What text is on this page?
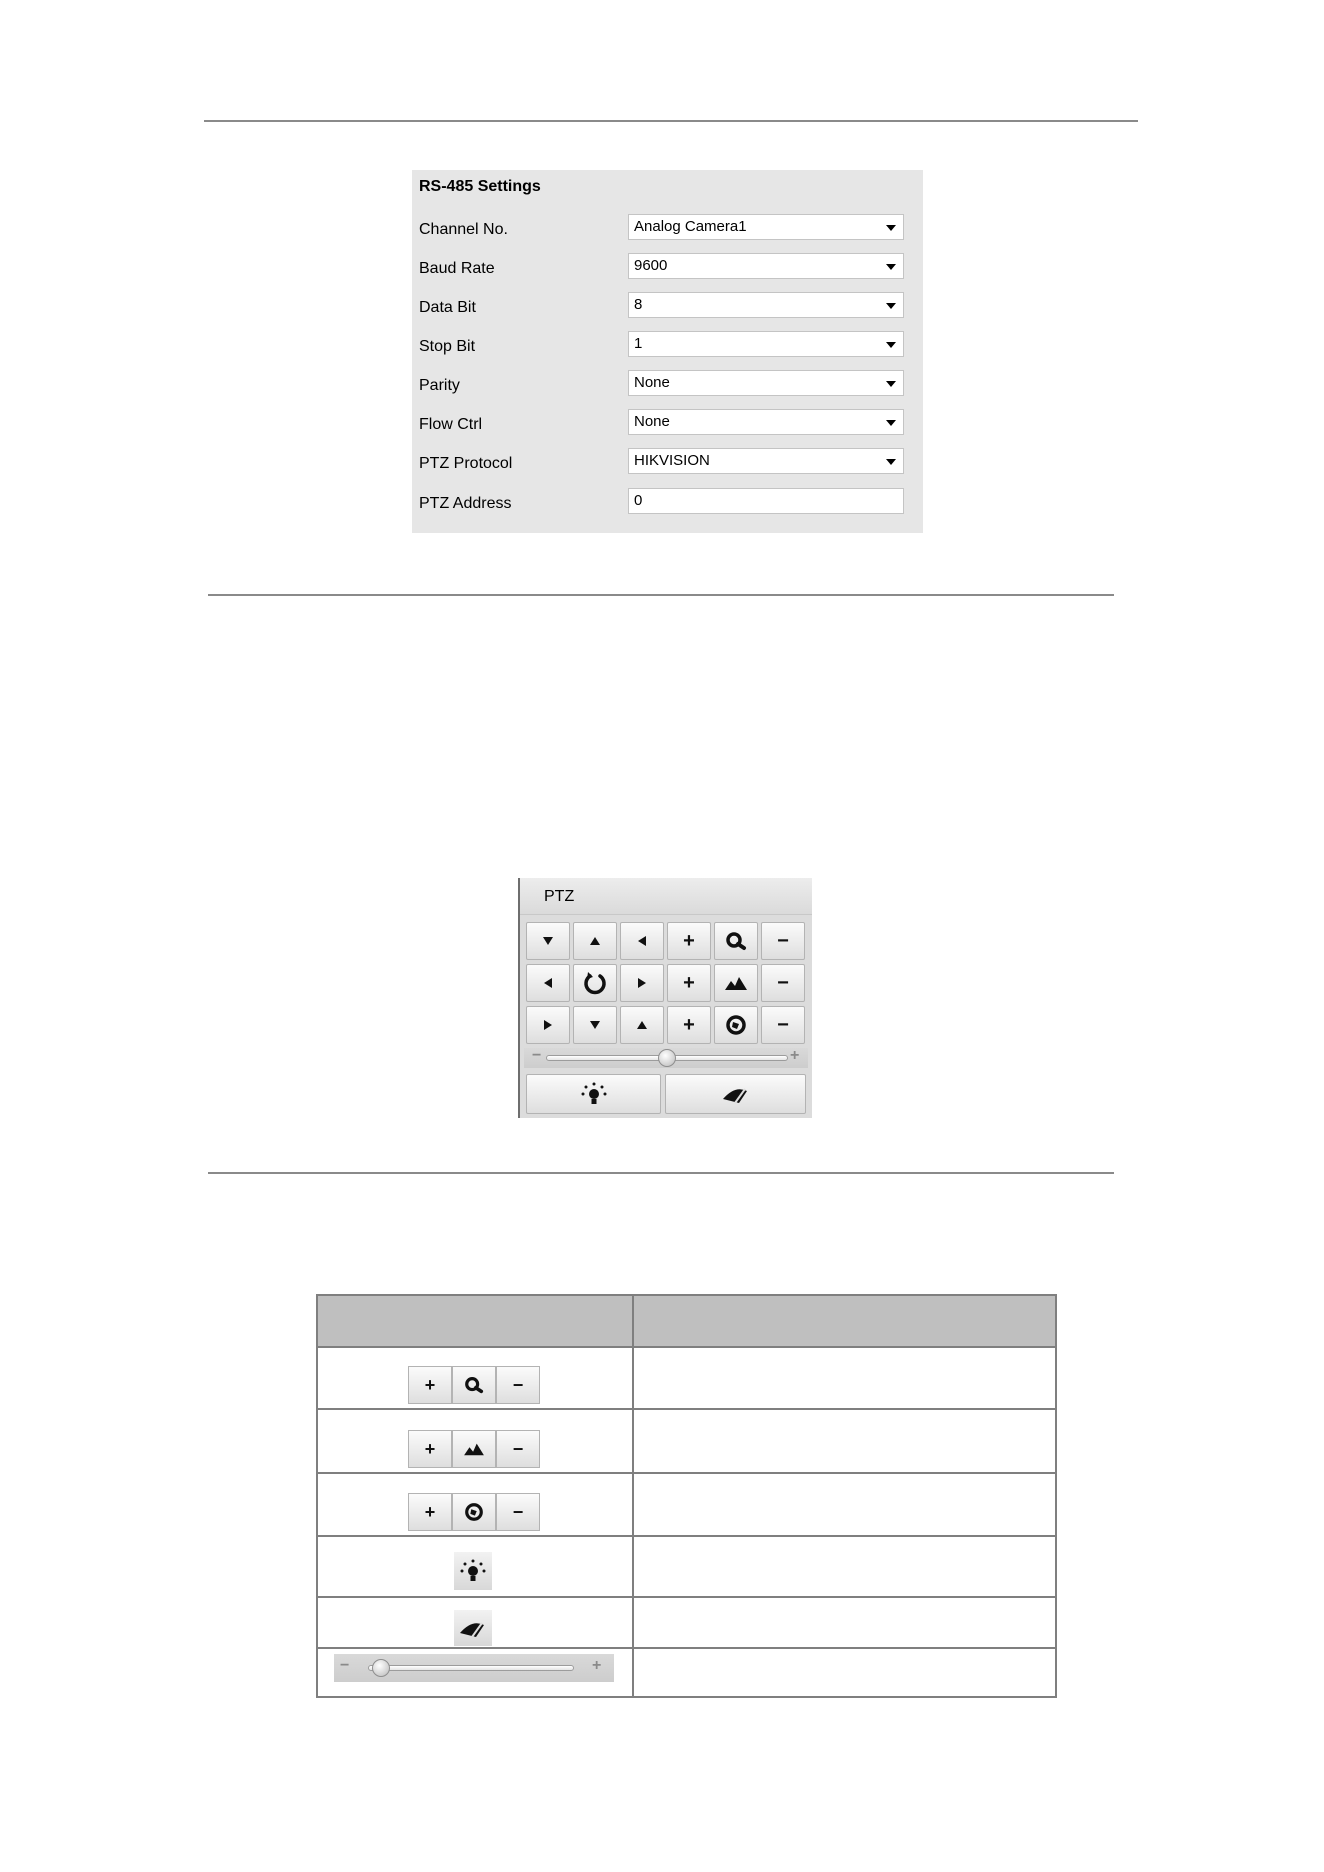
RS-485 Settings
Channel No.	Analog Camera1
Baud Rate	9600
Data Bit	8
Stop Bit	1
Parity	None
Flow Ctrl	None
PTZ Protocol	HIKVISION
PTZ Address	0
PTZ
+	−
+	−
+	−
−	+
+	−
+	−
+	−
−	+
